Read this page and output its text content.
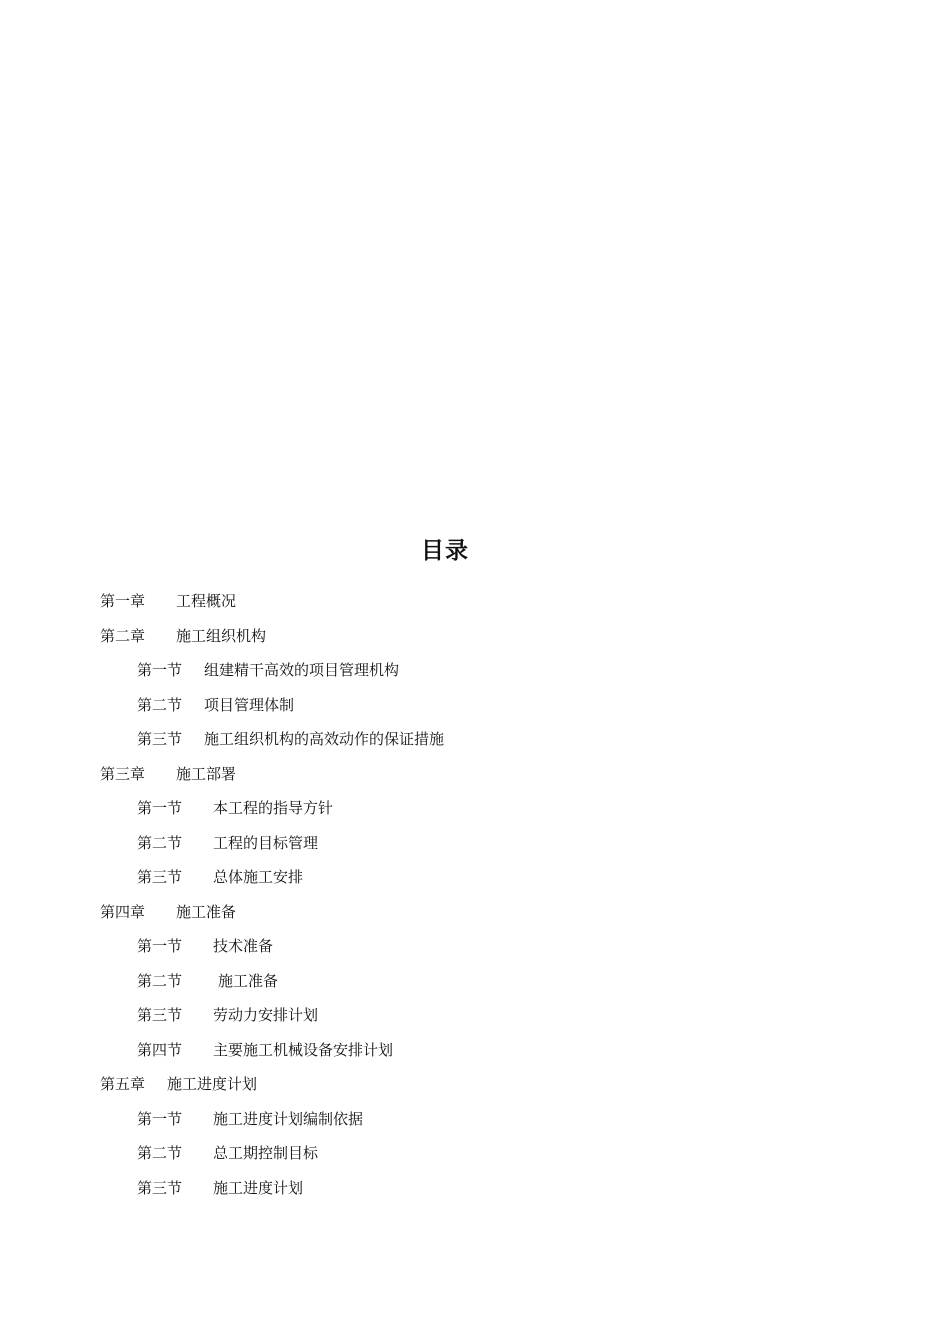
目录
第一章	工程概况
第二章	施工组织机构
第一节	组建精干高效的项目管理机构
第二节	项目管理体制
第三节	施工组织机构的高效动作的保证措施
第三章	施工部署
第一节	本工程的指导方针
第二节	工程的目标管理
第三节	总体施工安排
第四章	施工准备
第一节	技术准备
第二节	施工准备
第三节	劳动力安排计划
第四节	主要施工机械设备安排计划
第五章	施工进度计划
第一节	施工进度计划编制依据
第二节	总工期控制目标
第三节	施工进度计划
